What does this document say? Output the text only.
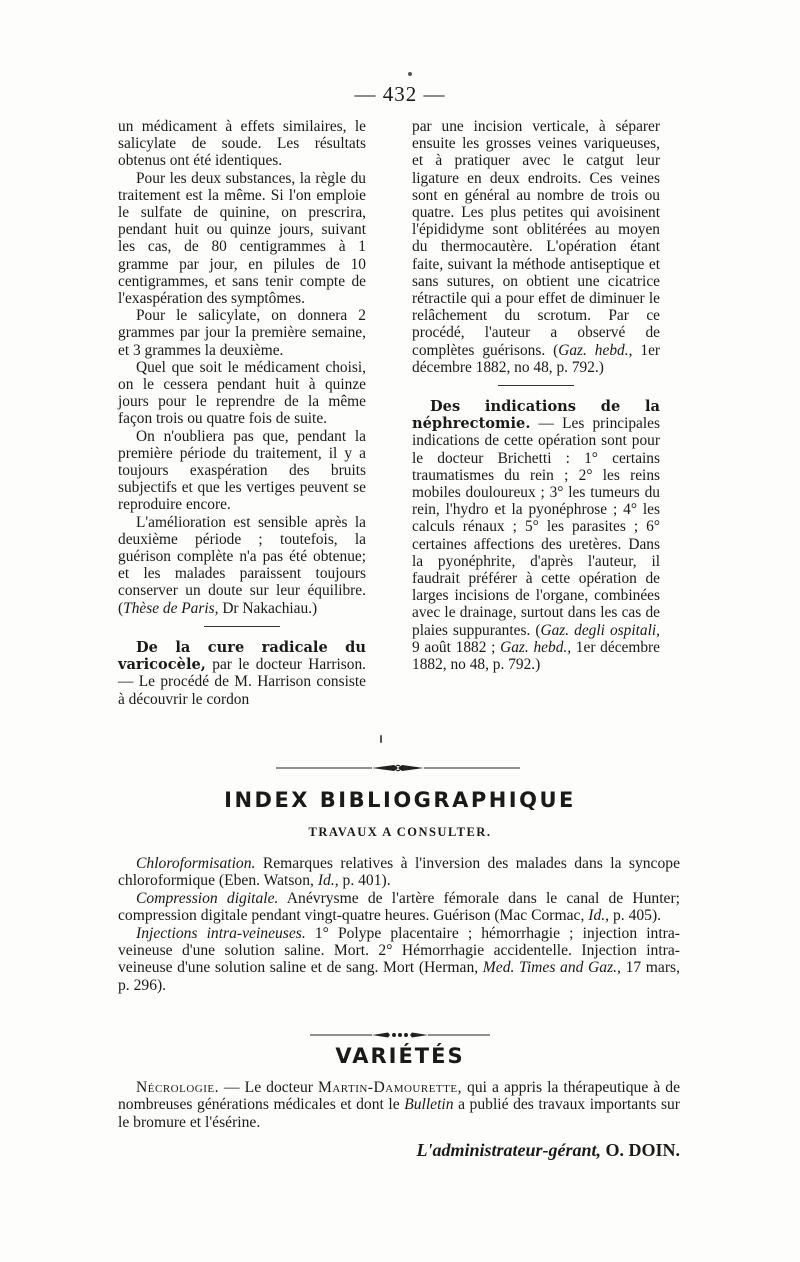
— 432 —

un médicament à effets similaires, le salicylate de soude. Les résultats obtenus ont été identiques.

Pour les deux substances, la règle du traitement est la même. Si l'on emploie le sulfate de quinine, on prescrira, pendant huit ou quinze jours, suivant les cas, de 80 centigrammes à 1 gramme par jour, en pilules de 10 centigrammes, et sans tenir compte de l'exaspération des symptômes.

Pour le salicylate, on donnera 2 grammes par jour la première semaine, et 3 grammes la deuxième.

Quel que soit le médicament choisi, on le cessera pendant huit à quinze jours pour le reprendre de la même façon trois ou quatre fois de suite.

On n'oubliera pas que, pendant la première période du traitement, il y a toujours exaspération des bruits subjectifs et que les vertiges peuvent se reproduire encore.

L'amélioration est sensible après la deuxième période ; toutefois, la guérison complète n'a pas été obtenue; et les malades paraissent toujours conserver un doute sur leur équilibre. (Thèse de Paris, Dr Nakachiau.)

De la cure radicale du varicocèle, par le docteur Harrison. — Le procédé de M. Harrison consiste à découvrir le cordon

par une incision verticale, à séparer ensuite les grosses veines variqueuses, et à pratiquer avec le catgut leur ligature en deux endroits. Ces veines sont en général au nombre de trois ou quatre. Les plus petites qui avoisinent l'épididyme sont oblitérées au moyen du thermocautère. L'opération étant faite, suivant la méthode antiseptique et sans sutures, on obtient une cicatrice rétractile qui a pour effet de diminuer le relâchement du scrotum. Par ce procédé, l'auteur a observé de complètes guérisons. (Gaz. hebd., 1er décembre 1882, no 48, p. 792.)

Des indications de la néphrectomie. — Les principales indications de cette opération sont pour le docteur Brichetti : 1° certains traumatismes du rein ; 2° les reins mobiles douloureux ; 3° les tumeurs du rein, l'hydro et la pyonéphrose ; 4° les calculs rénaux ; 5° les parasites ; 6° certaines affections des uretères. Dans la pyonéphrite, d'après l'auteur, il faudrait préférer à cette opération de larges incisions de l'organe, combinées avec le drainage, surtout dans les cas de plaies suppurantes. (Gaz. degli ospitali, 9 août 1882 ; Gaz. hebd., 1er décembre 1882, no 48, p. 792.)

INDEX BIBLIOGRAPHIQUE
TRAVAUX A CONSULTER.

Chloroformisation. Remarques relatives à l'inversion des malades dans la syncope chloroformique (Eben. Watson, Id., p. 401).

Compression digitale. Anévrysme de l'artère fémorale dans le canal de Hunter; compression digitale pendant vingt-quatre heures. Guérison (Mac Cormac, Id., p. 405).

Injections intra-veineuses. 1° Polype placentaire ; hémorrhagie ; injection intra-veineuse d'une solution saline. Mort. 2° Hémorrhagie accidentelle. Injection intra-veineuse d'une solution saline et de sang. Mort (Herman, Med. Times and Gaz., 17 mars, p. 296).

VARIÉTÉS

Nécrologie. — Le docteur Martin-Damourette, qui a appris la thérapeutique à de nombreuses générations médicales et dont le Bulletin a publié des travaux importants sur le bromure et l'ésérine.

L'administrateur-gérant, O. DOIN.
